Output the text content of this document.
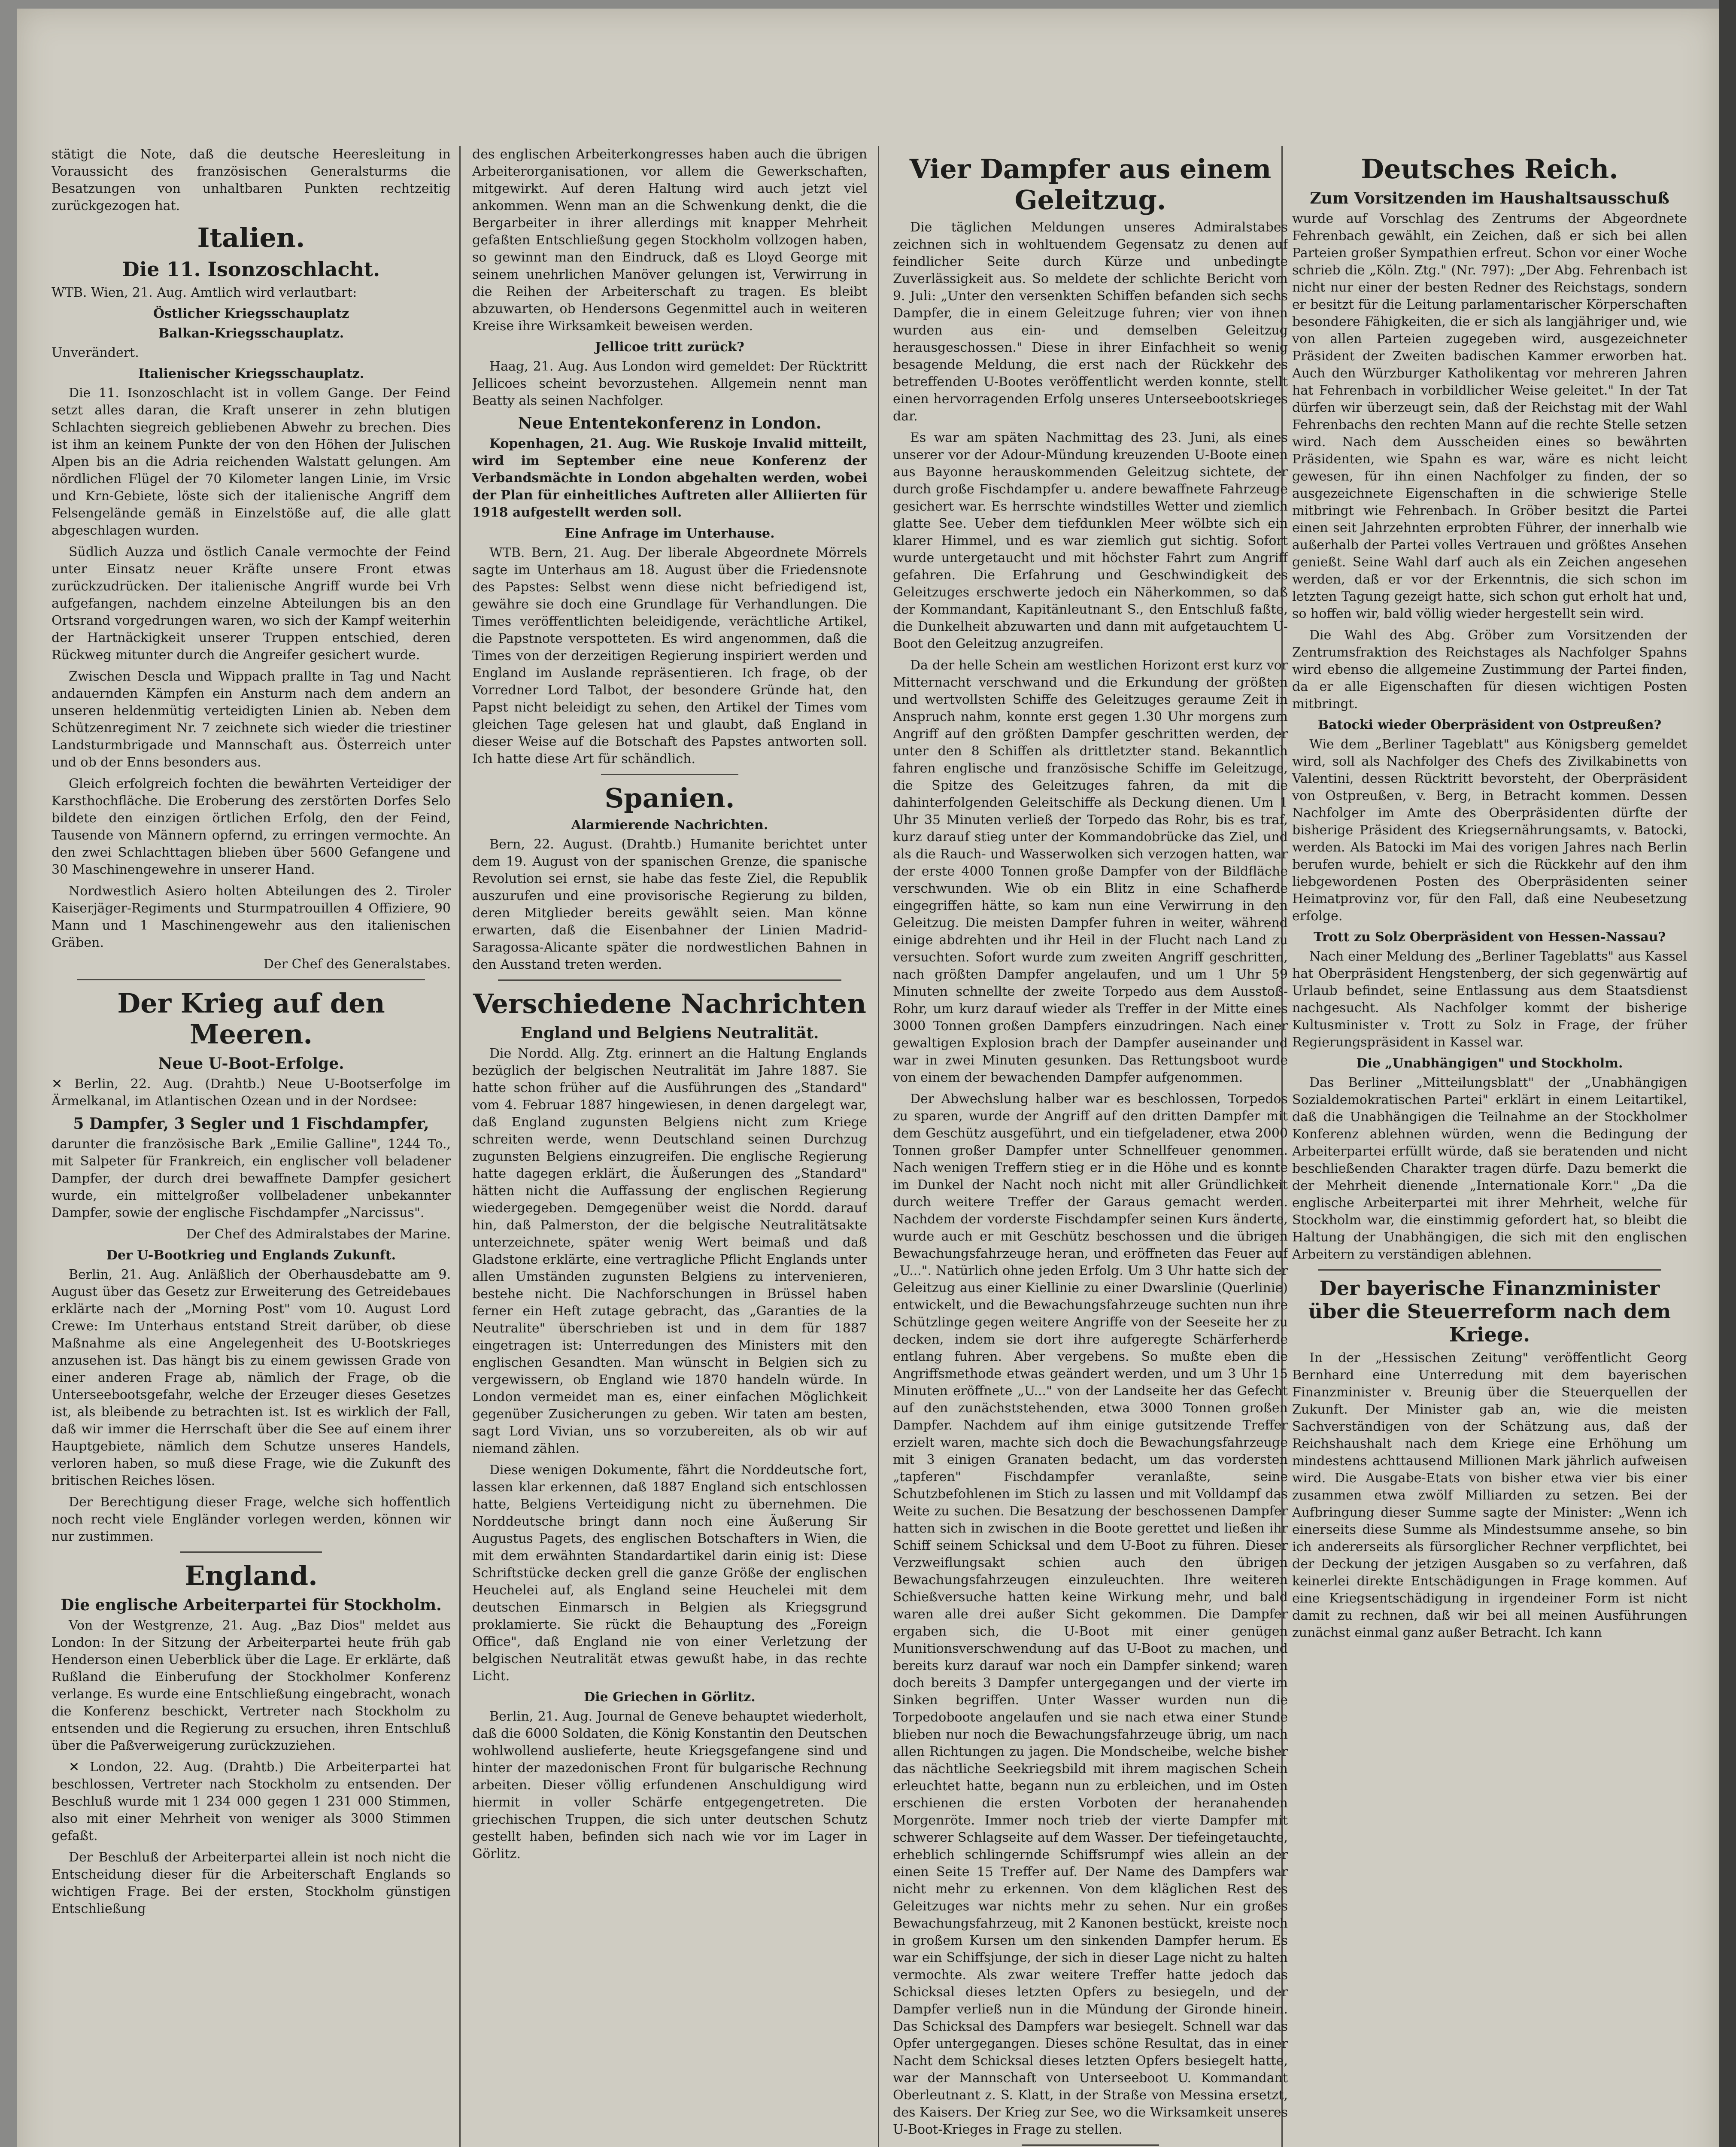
stätigt die Note, daß die deutsche Heeresleitung in Voraussicht des französischen Generalsturms die Besatzungen von unhaltbaren Punkten rechtzeitig zurückgezogen hat.

Italien.
Die 11. Isonzoschlacht.

WTB. Wien, 21. Aug. Amtlich wird verlautbart:

Östlicher Kriegsschauplatz
Balkan-Kriegsschauplatz.

Unverändert.

Italienischer Kriegsschauplatz.

Die 11. Isonzoschlacht ist in vollem Gange. Der Feind setzt alles daran, die Kraft unserer in zehn blutigen Schlachten siegreich gebliebenen Abwehr zu brechen. Dies ist ihm an keinem Punkte der von den Höhen der Julischen Alpen bis an die Adria reichenden Walstatt gelungen. Am nördlichen Flügel der 70 Kilometer langen Linie, im Vrsic und Krn-Gebiete, löste sich der italienische Angriff dem Felsengelände gemäß in Einzelstöße auf, die alle glatt abgeschlagen wurden.

Südlich Auzza und östlich Canale vermochte der Feind unter Einsatz neuer Kräfte unsere Front etwas zurückzudrücken. Der italienische Angriff wurde bei Vrh aufgefangen, nachdem einzelne Abteilungen bis an den Ortsrand vorgedrungen waren, wo sich der Kampf weiterhin der Hartnäckigkeit unserer Truppen entschied, deren Rückweg mitunter durch die Angreifer gesichert wurde.

Zwischen Descla und Wippach prallte in Tag und Nacht andauernden Kämpfen ein Ansturm nach dem andern an unseren heldenmütig verteidigten Linien ab. Neben dem Schützenregiment Nr. 7 zeichnete sich wieder die triestiner Landsturmbrigade und Mannschaft aus. Österreich unter und ob der Enns besonders aus.

Gleich erfolgreich fochten die bewährten Verteidiger der Karsthochfläche. Die Eroberung des zerstörten Dorfes Selo bildete den einzigen örtlichen Erfolg, den der Feind, Tausende von Männern opfernd, zu erringen vermochte. An den zwei Schlachttagen blieben über 5600 Gefangene und 30 Maschinengewehre in unserer Hand.

Nordwestlich Asiero holten Abteilungen des 2. Tiroler Kaiserjäger-Regiments und Sturmpatrouillen 4 Offiziere, 90 Mann und 1 Maschinengewehr aus den italienischen Gräben.

Der Chef des Generalstabes.

Der Krieg auf den Meeren.
Neue U-Boot-Erfolge.

✕ Berlin, 22. Aug. (Drahtb.) Neue U-Bootserfolge im Ärmelkanal, im Atlantischen Ozean und in der Nordsee:

5 Dampfer, 3 Segler und 1 Fischdampfer,

darunter die französische Bark „Emilie Galline", 1244 To., mit Salpeter für Frankreich, ein englischer voll beladener Dampfer, der durch drei bewaffnete Dampfer gesichert wurde, ein mittelgroßer vollbeladener unbekannter Dampfer, sowie der englische Fischdampfer „Narcissus".

Der Chef des Admiralstabes der Marine.

Der U-Bootkrieg und Englands Zukunft.

Berlin, 21. Aug. Anläßlich der Oberhausdebatte am 9. August über das Gesetz zur Erweiterung des Getreidebaues erklärte nach der „Morning Post" vom 10. August Lord Crewe: Im Unterhaus entstand Streit darüber, ob diese Maßnahme als eine Angelegenheit des U-Bootskrieges anzusehen ist. Das hängt bis zu einem gewissen Grade von einer anderen Frage ab, nämlich der Frage, ob die Unterseebootsgefahr, welche der Erzeuger dieses Gesetzes ist, als bleibende zu betrachten ist. Ist es wirklich der Fall, daß wir immer die Herrschaft über die See auf einem ihrer Hauptgebiete, nämlich dem Schutze unseres Handels, verloren haben, so muß diese Frage, wie die Zukunft des britischen Reiches lösen.

Der Berechtigung dieser Frage, welche sich hoffentlich noch recht viele Engländer vorlegen werden, können wir nur zustimmen.

England.
Die englische Arbeiterpartei für Stockholm.

Von der Westgrenze, 21. Aug. „Baz Dios" meldet aus London: In der Sitzung der Arbeiterpartei heute früh gab Henderson einen Ueberblick über die Lage. Er erklärte, daß Rußland die Einberufung der Stockholmer Konferenz verlange. Es wurde eine Entschließung eingebracht, wonach die Konferenz beschickt, Vertreter nach Stockholm zu entsenden und die Regierung zu ersuchen, ihren Entschluß über die Paßverweigerung zurückzuziehen.

✕ London, 22. Aug. (Drahtb.) Die Arbeiterpartei hat beschlossen, Vertreter nach Stockholm zu entsenden. Der Beschluß wurde mit 1 234 000 gegen 1 231 000 Stimmen, also mit einer Mehrheit von weniger als 3000 Stimmen gefaßt.

Der Beschluß der Arbeiterpartei allein ist noch nicht die Entscheidung dieser für die Arbeiterschaft Englands so wichtigen Frage. Bei der ersten, Stockholm günstigen Entschließung

des englischen Arbeiterkongresses haben auch die übrigen Arbeiterorganisationen, vor allem die Gewerkschaften, mitgewirkt. Auf deren Haltung wird auch jetzt viel ankommen. Wenn man an die Schwenkung denkt, die die Bergarbeiter in ihrer allerdings mit knapper Mehrheit gefaßten Entschließung gegen Stockholm vollzogen haben, so gewinnt man den Eindruck, daß es Lloyd George mit seinem unehrlichen Manöver gelungen ist, Verwirrung in die Reihen der Arbeiterschaft zu tragen. Es bleibt abzuwarten, ob Hendersons Gegenmittel auch in weiteren Kreise ihre Wirksamkeit beweisen werden.

Jellicoe tritt zurück?

Haag, 21. Aug. Aus London wird gemeldet: Der Rücktritt Jellicoes scheint bevorzustehen. Allgemein nennt man Beatty als seinen Nachfolger.

Neue Ententekonferenz in London.

Kopenhagen, 21. Aug. Wie Ruskoje Invalid mitteilt, wird im September eine neue Konferenz der Verbandsmächte in London abgehalten werden, wobei der Plan für einheitliches Auftreten aller Alliierten für 1918 aufgestellt werden soll.

Eine Anfrage im Unterhause.

WTB. Bern, 21. Aug. Der liberale Abgeordnete Mörrels sagte im Unterhaus am 18. August über die Friedensnote des Papstes: Selbst wenn diese nicht befriedigend ist, gewähre sie doch eine Grundlage für Verhandlungen. Die Times veröffentlichten beleidigende, verächtliche Artikel, die Papstnote verspotteten. Es wird angenommen, daß die Times von der derzeitigen Regierung inspiriert werden und England im Auslande repräsentieren. Ich frage, ob der Vorredner Lord Talbot, der besondere Gründe hat, den Papst nicht beleidigt zu sehen, den Artikel der Times vom gleichen Tage gelesen hat und glaubt, daß England in dieser Weise auf die Botschaft des Papstes antworten soll. Ich hatte diese Art für schändlich.

Spanien.
Alarmierende Nachrichten.

Bern, 22. August. (Drahtb.) Humanite berichtet unter dem 19. August von der spanischen Grenze, die spanische Revolution sei ernst, sie habe das feste Ziel, die Republik auszurufen und eine provisorische Regierung zu bilden, deren Mitglieder bereits gewählt seien. Man könne erwarten, daß die Eisenbahner der Linien Madrid-Saragossa-Alicante später die nordwestlichen Bahnen in den Ausstand treten werden.

Verschiedene Nachrichten
England und Belgiens Neutralität.

Die Nordd. Allg. Ztg. erinnert an die Haltung Englands bezüglich der belgischen Neutralität im Jahre 1887. Sie hatte schon früher auf die Ausführungen des „Standard" vom 4. Februar 1887 hingewiesen, in denen dargelegt war, daß England zugunsten Belgiens nicht zum Kriege schreiten werde, wenn Deutschland seinen Durchzug zugunsten Belgiens einzugreifen. Die englische Regierung hatte dagegen erklärt, die Äußerungen des „Standard" hätten nicht die Auffassung der englischen Regierung wiedergegeben. Demgegenüber weist die Nordd. darauf hin, daß Palmerston, der die belgische Neutralitätsakte unterzeichnete, später wenig Wert beimaß und daß Gladstone erklärte, eine vertragliche Pflicht Englands unter allen Umständen zugunsten Belgiens zu intervenieren, bestehe nicht. Die Nachforschungen in Brüssel haben ferner ein Heft zutage gebracht, das „Garanties de la Neutralite" überschrieben ist und in dem für 1887 eingetragen ist: Unterredungen des Ministers mit den englischen Gesandten. Man wünscht in Belgien sich zu vergewissern, ob England wie 1870 handeln würde. In London vermeidet man es, einer einfachen Möglichkeit gegenüber Zusicherungen zu geben. Wir taten am besten, sagt Lord Vivian, uns so vorzubereiten, als ob wir auf niemand zählen.

Diese wenigen Dokumente, fährt die Norddeutsche fort, lassen klar erkennen, daß 1887 England sich entschlossen hatte, Belgiens Verteidigung nicht zu übernehmen. Die Norddeutsche bringt dann noch eine Äußerung Sir Augustus Pagets, des englischen Botschafters in Wien, die mit dem erwähnten Standardartikel darin einig ist: Diese Schriftstücke decken grell die ganze Größe der englischen Heuchelei auf, als England seine Heuchelei mit dem deutschen Einmarsch in Belgien als Kriegsgrund proklamierte. Sie rückt die Behauptung des „Foreign Office", daß England nie von einer Verletzung der belgischen Neutralität etwas gewußt habe, in das rechte Licht.

Die Griechen in Görlitz.

Berlin, 21. Aug. Journal de Geneve behauptet wiederholt, daß die 6000 Soldaten, die König Konstantin den Deutschen wohlwollend auslieferte, heute Kriegsgefangene sind und hinter der mazedonischen Front für bulgarische Rechnung arbeiten. Dieser völlig erfundenen Anschuldigung wird hiermit in voller Schärfe entgegengetreten. Die griechischen Truppen, die sich unter deutschen Schutz gestellt haben, befinden sich nach wie vor im Lager in Görlitz.

Vier Dampfer aus einem Geleitzug.

Die täglichen Meldungen unseres Admiralstabes zeichnen sich in wohltuendem Gegensatz zu denen auf feindlicher Seite durch Kürze und unbedingte Zuverlässigkeit aus. So meldete der schlichte Bericht vom 9. Juli: „Unter den versenkten Schiffen befanden sich sechs Dampfer, die in einem Geleitzuge fuhren; vier von ihnen wurden aus ein- und demselben Geleitzug herausgeschossen." Diese in ihrer Einfachheit so wenig besagende Meldung, die erst nach der Rückkehr des betreffenden U-Bootes veröffentlicht werden konnte, stellt einen hervorragenden Erfolg unseres Unterseebootskrieges dar.

Es war am späten Nachmittag des 23. Juni, als eines unserer vor der Adour-Mündung kreuzenden U-Boote einen aus Bayonne herauskommenden Geleitzug sichtete, der durch große Fischdampfer u. andere bewaffnete Fahrzeuge gesichert war. Es herrschte windstilles Wetter und ziemlich glatte See. Ueber dem tiefdunklen Meer wölbte sich ein klarer Himmel, und es war ziemlich gut sichtig. Sofort wurde untergetaucht und mit höchster Fahrt zum Angriff gefahren. Die Erfahrung und Geschwindigkeit des Geleitzuges erschwerte jedoch ein Näherkommen, so daß der Kommandant, Kapitänleutnant S., den Entschluß faßte, die Dunkelheit abzuwarten und dann mit aufgetauchtem U-Boot den Geleitzug anzugreifen.

Da der helle Schein am westlichen Horizont erst kurz vor Mitternacht verschwand und die Erkundung der größten und wertvollsten Schiffe des Geleitzuges geraume Zeit in Anspruch nahm, konnte erst gegen 1.30 Uhr morgens zum Angriff auf den größten Dampfer geschritten werden, der unter den 8 Schiffen als drittletzter stand. Bekanntlich fahren englische und französische Schiffe im Geleitzuge, die Spitze des Geleitzuges fahren, da mit die dahinterfolgenden Geleitschiffe als Deckung dienen. Um 1 Uhr 35 Minuten verließ der Torpedo das Rohr, bis es traf, kurz darauf stieg unter der Kommandobrücke das Ziel, und als die Rauch- und Wasserwolken sich verzogen hatten, war der erste 4000 Tonnen große Dampfer von der Bildfläche verschwunden. Wie ob ein Blitz in eine Schafherde eingegriffen hätte, so kam nun eine Verwirrung in den Geleitzug. Die meisten Dampfer fuhren in weiter, während einige abdrehten und ihr Heil in der Flucht nach Land zu versuchten. Sofort wurde zum zweiten Angriff geschritten, nach größten Dampfer angelaufen, und um 1 Uhr 59 Minuten schnellte der zweite Torpedo aus dem Ausstoß-Rohr, um kurz darauf wieder als Treffer in der Mitte eines 3000 Tonnen großen Dampfers einzudringen. Nach einer gewaltigen Explosion brach der Dampfer auseinander und war in zwei Minuten gesunken. Das Rettungsboot wurde von einem der bewachenden Dampfer aufgenommen.

Der Abwechslung halber war es beschlossen, Torpedos zu sparen, wurde der Angriff auf den dritten Dampfer mit dem Geschütz ausgeführt, und ein tiefgeladener, etwa 2000 Tonnen großer Dampfer unter Schnellfeuer genommen. Nach wenigen Treffern stieg er in die Höhe und es konnte im Dunkel der Nacht noch nicht mit aller Gründlichkeit durch weitere Treffer der Garaus gemacht werden. Nachdem der vorderste Fischdampfer seinen Kurs änderte, wurde auch er mit Geschütz beschossen und die übrigen Bewachungsfahrzeuge heran, und eröffneten das Feuer auf „U...". Natürlich ohne jeden Erfolg. Um 3 Uhr hatte sich der Geleitzug aus einer Kiellinie zu einer Dwarslinie (Querlinie) entwickelt, und die Bewachungsfahrzeuge suchten nun ihre Schützlinge gegen weitere Angriffe von der Seeseite her zu decken, indem sie dort ihre aufgeregte Schärferherde entlang fuhren. Aber vergebens. So mußte eben die Angriffsmethode etwas geändert werden, und um 3 Uhr 15 Minuten eröffnete „U..." von der Landseite her das Gefecht auf den zunächststehenden, etwa 3000 Tonnen großen Dampfer. Nachdem auf ihm einige gutsitzende Treffer erzielt waren, machte sich doch die Bewachungsfahrzeuge mit 3 einigen Granaten bedacht, um das vordersten „tapferen" Fischdampfer veranlaßte, seine Schutzbefohlenen im Stich zu lassen und mit Volldampf das Weite zu suchen. Die Besatzung der beschossenen Dampfer hatten sich in zwischen in die Boote gerettet und ließen ihr Schiff seinem Schicksal und dem U-Boot zu führen. Dieser Verzweiflungsakt schien auch den übrigen Bewachungsfahrzeugen einzuleuchten. Ihre weiteren Schießversuche hatten keine Wirkung mehr, und bald waren alle drei außer Sicht gekommen. Die Dampfer ergaben sich, die U-Boot mit einer genügen Munitionsverschwendung auf das U-Boot zu machen, und bereits kurz darauf war noch ein Dampfer sinkend; waren doch bereits 3 Dampfer untergegangen und der vierte im Sinken begriffen. Unter Wasser wurden nun die Torpedoboote angelaufen und sie nach etwa einer Stunde blieben nur noch die Bewachungsfahrzeuge übrig, um nach allen Richtungen zu jagen. Die Mondscheibe, welche bisher das nächtliche Seekriegsbild mit ihrem magischen Schein erleuchtet hatte, begann nun zu erbleichen, und im Osten erschienen die ersten Vorboten der heranahenden Morgenröte. Immer noch trieb der vierte Dampfer mit schwerer Schlagseite auf dem Wasser. Der tiefeingetauchte, erheblich schlingernde Schiffsrumpf wies allein an der einen Seite 15 Treffer auf. Der Name des Dampfers war nicht mehr zu erkennen. Von dem kläglichen Rest des Geleitzuges war nichts mehr zu sehen. Nur ein großes Bewachungsfahrzeug, mit 2 Kanonen bestückt, kreiste noch in großem Kursen um den sinkenden Dampfer herum. Es war ein Schiffsjunge, der sich in dieser Lage nicht zu halten vermochte. Als zwar weitere Treffer hatte jedoch das Schicksal dieses letzten Opfers zu besiegeln, und der Dampfer verließ nun in die Mündung der Gironde hinein. Das Schicksal des Dampfers war besiegelt. Schnell war das Opfer untergegangen. Dieses schöne Resultat, das in einer Nacht dem Schicksal dieses letzten Opfers besiegelt hatte, war der Mannschaft von Unterseeboot U. Kommandant Oberleutnant z. S. Klatt, in der Straße von Messina ersetzt, des Kaisers. Der Krieg zur See, wo die Wirksamkeit unseres U-Boot-Krieges in Frage zu stellen.

Deutsches Reich.
Zum Vorsitzenden im Haushaltsausschuß

wurde auf Vorschlag des Zentrums der Abgeordnete Fehrenbach gewählt, ein Zeichen, daß er sich bei allen Parteien großer Sympathien erfreut. Schon vor einer Woche schrieb die „Köln. Ztg." (Nr. 797): „Der Abg. Fehrenbach ist nicht nur einer der besten Redner des Reichstags, sondern er besitzt für die Leitung parlamentarischer Körperschaften besondere Fähigkeiten, die er sich als langjähriger und, wie von allen Parteien zugegeben wird, ausgezeichneter Präsident der Zweiten badischen Kammer erworben hat. Auch den Würzburger Katholikentag vor mehreren Jahren hat Fehrenbach in vorbildlicher Weise geleitet." In der Tat dürfen wir überzeugt sein, daß der Reichstag mit der Wahl Fehrenbachs den rechten Mann auf die rechte Stelle setzen wird. Nach dem Ausscheiden eines so bewährten Präsidenten, wie Spahn es war, wäre es nicht leicht gewesen, für ihn einen Nachfolger zu finden, der so ausgezeichnete Eigenschaften in die schwierige Stelle mitbringt wie Fehrenbach. In Gröber besitzt die Partei einen seit Jahrzehnten erprobten Führer, der innerhalb wie außerhalb der Partei volles Vertrauen und größtes Ansehen genießt. Seine Wahl darf auch als ein Zeichen angesehen werden, daß er vor der Erkenntnis, die sich schon im letzten Tagung gezeigt hatte, sich schon gut erholt hat und, so hoffen wir, bald völlig wieder hergestellt sein wird.

Die Wahl des Abg. Gröber zum Vorsitzenden der Zentrumsfraktion des Reichstages als Nachfolger Spahns wird ebenso die allgemeine Zustimmung der Partei finden, da er alle Eigenschaften für diesen wichtigen Posten mitbringt.

Batocki wieder Oberpräsident von Ostpreußen?

Wie dem „Berliner Tageblatt" aus Königsberg gemeldet wird, soll als Nachfolger des Chefs des Zivilkabinetts von Valentini, dessen Rücktritt bevorsteht, der Oberpräsident von Ostpreußen, v. Berg, in Betracht kommen. Dessen Nachfolger im Amte des Oberpräsidenten dürfte der bisherige Präsident des Kriegsernährungsamts, v. Batocki, werden. Als Batocki im Mai des vorigen Jahres nach Berlin berufen wurde, behielt er sich die Rückkehr auf den ihm liebgewordenen Posten des Oberpräsidenten seiner Heimatprovinz vor, für den Fall, daß eine Neubesetzung erfolge.

Trott zu Solz Oberpräsident von Hessen-Nassau?

Nach einer Meldung des „Berliner Tageblatts" aus Kassel hat Oberpräsident Hengstenberg, der sich gegenwärtig auf Urlaub befindet, seine Entlassung aus dem Staatsdienst nachgesucht. Als Nachfolger kommt der bisherige Kultusminister v. Trott zu Solz in Frage, der früher Regierungspräsident in Kassel war.

Die „Unabhängigen" und Stockholm.

Das Berliner „Mitteilungsblatt" der „Unabhängigen Sozialdemokratischen Partei" erklärt in einem Leitartikel, daß die Unabhängigen die Teilnahme an der Stockholmer Konferenz ablehnen würden, wenn die Bedingung der Arbeiterpartei erfüllt würde, daß sie beratenden und nicht beschließenden Charakter tragen dürfe. Dazu bemerkt die der Mehrheit dienende „Internationale Korr." „Da die englische Arbeiterpartei mit ihrer Mehrheit, welche für Stockholm war, die einstimmig gefordert hat, so bleibt die Haltung der Unabhängigen, die sich mit den englischen Arbeitern zu verständigen ablehnen.

Der bayerische Finanzminister über die Steuerreform nach dem Kriege.

In der „Hessischen Zeitung" veröffentlicht Georg Bernhard eine Unterredung mit dem bayerischen Finanzminister v. Breunig über die Steuerquellen der Zukunft. Der Minister gab an, wie die meisten Sachverständigen von der Schätzung aus, daß der Reichshaushalt nach dem Kriege eine Erhöhung um mindestens achttausend Millionen Mark jährlich aufweisen wird. Die Ausgabe-Etats von bisher etwa vier bis einer zusammen etwa zwölf Milliarden zu setzen. Bei der Aufbringung dieser Summe sagte der Minister: „Wenn ich einerseits diese Summe als Mindestsumme ansehe, so bin ich andererseits als fürsorglicher Rechner verpflichtet, bei der Deckung der jetzigen Ausgaben so zu verfahren, daß keinerlei direkte Entschädigungen in Frage kommen. Auf eine Kriegsentschädigung in irgendeiner Form ist nicht damit zu rechnen, daß wir bei all meinen Ausführungen zunächst einmal ganz außer Betracht. Ich kann
